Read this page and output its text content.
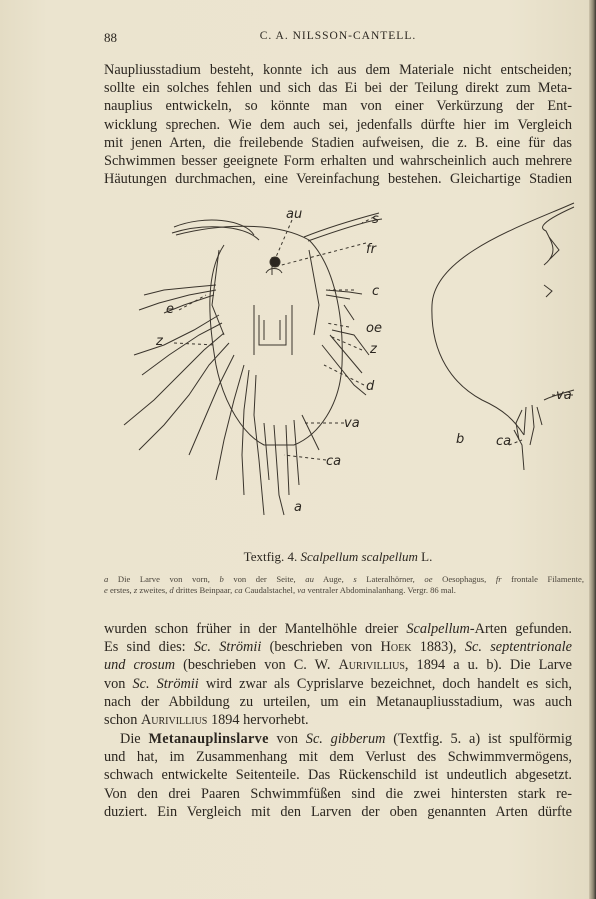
88	C. A. NILSSON-CANTELL.
Naupliusstadium besteht, konnte ich aus dem Materiale nicht entscheiden;
sollte ein solches fehlen und sich das Ei bei der Teilung direkt zum Meta-
nauplius entwickeln, so könnte man von einer Verkürzung der Ent-
wicklung sprechen. Wie dem auch sei, jedenfalls dürfte hier im Vergleich
mit jenen Arten, die freilebende Stadien aufweisen, die z. B. eine für das
Schwimmen besser geeignete Form erhalten und wahrscheinlich auch mehrere
Häutungen durchmachen, eine Vereinfachung bestehen. Gleichartige Stadien
au	s
fr
c
e
oe
z
z
d
va
ca
a
b
va
ca
Textfig. 4. Scalpellum scalpellum L.
a Die Larve von vorn, b von der Seite, au Auge, s Lateralhörner, oe Oesophagus, fr frontale Filamente,
e erstes, z zweites, d drittes Beinpaar, ca Caudalstachel, va ventraler Abdominalanhang. Vergr. 86 mal.
wurden schon früher in der Mantelhöhle dreier Scalpellum-Arten gefunden.
Es sind dies: Sc. Strömii (beschrieben von Hoek 1883), Sc. septentrionale
und crosum (beschrieben von C. W. Aurivillius, 1894 a u. b). Die Larve
von Sc. Strömii wird zwar als Cyprislarve bezeichnet, doch handelt es sich,
nach der Abbildung zu urteilen, um ein Metanaupliusstadium, was auch
schon Aurivillius 1894 hervorhebt.
Die Metanauplinslarve von Sc. gibberum (Textfig. 5. a) ist spulförmig
und hat, im Zusammenhang mit dem Verlust des Schwimmvermögens,
schwach entwickelte Seitenteile. Das Rückenschild ist undeutlich abgesetzt.
Von den drei Paaren Schwimmfüßen sind die zwei hintersten stark re-
duziert. Ein Vergleich mit den Larven der oben genannten Arten dürfte
